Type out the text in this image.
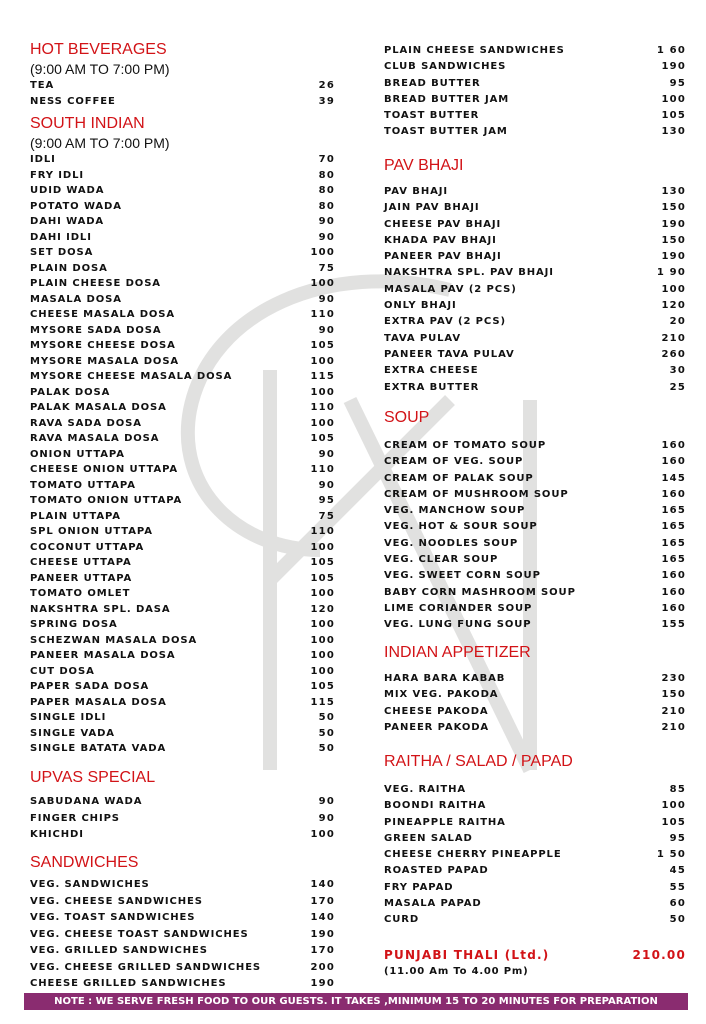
HOT BEVERAGES
(9:00 AM TO 7:00 PM)
TEA	26
NESS COFFEE	39
SOUTH INDIAN
(9:00 AM TO 7:00 PM)
IDLI	70
FRY IDLI	80
UDID WADA	80
POTATO WADA	80
DAHI WADA	90
DAHI IDLI	90
SET DOSA	100
PLAIN DOSA	75
PLAIN CHEESE DOSA	100
MASALA DOSA	90
CHEESE MASALA DOSA	110
MYSORE SADA DOSA	90
MYSORE CHEESE DOSA	105
MYSORE MASALA DOSA	100
MYSORE CHEESE MASALA DOSA	115
PALAK DOSA	100
PALAK MASALA DOSA	110
RAVA SADA DOSA	100
RAVA MASALA DOSA	105
ONION UTTAPA	90
CHEESE ONION UTTAPA	110
TOMATO UTTAPA	90
TOMATO ONION UTTAPA	95
PLAIN UTTAPA	75
SPL ONION UTTAPA	110
COCONUT UTTAPA	100
CHEESE UTTAPA	105
PANEER UTTAPA	105
TOMATO OMLET	100
NAKSHTRA SPL. DASA	120
SPRING DOSA	100
SCHEZWAN MASALA DOSA	100
PANEER MASALA DOSA	100
CUT DOSA	100
PAPER SADA DOSA	105
PAPER MASALA DOSA	115
SINGLE IDLI	50
SINGLE VADA	50
SINGLE BATATA VADA	50
UPVAS SPECIAL
SABUDANA WADA	90
FINGER CHIPS	90
KHICHDI	100
SANDWICHES
VEG. SANDWICHES	140
VEG. CHEESE SANDWICHES	170
VEG. TOAST SANDWICHES	140
VEG. CHEESE TOAST SANDWICHES	190
VEG. GRILLED SANDWICHES	170
VEG. CHEESE GRILLED SANDWICHES	200
CHEESE GRILLED SANDWICHES	190
PLAIN CHEESE SANDWICHES	1 60
CLUB SANDWICHES	190
BREAD BUTTER	95
BREAD BUTTER JAM	100
TOAST BUTTER	105
TOAST BUTTER JAM	130
PAV BHAJI
PAV BHAJI	130
JAIN PAV BHAJI	150
CHEESE PAV BHAJI	190
KHADA PAV BHAJI	150
PANEER PAV BHAJI	190
NAKSHTRA SPL. PAV BHAJI	1 90
MASALA PAV (2 PCS)	100
ONLY BHAJI	120
EXTRA PAV (2 PCS)	20
TAVA PULAV	210
PANEER TAVA PULAV	260
EXTRA CHEESE	30
EXTRA BUTTER	25
SOUP
CREAM OF TOMATO SOUP	160
CREAM OF VEG. SOUP	160
CREAM OF PALAK SOUP	145
CREAM OF MUSHROOM SOUP	160
VEG. MANCHOW SOUP	165
VEG. HOT & SOUR SOUP	165
VEG. NOODLES SOUP	165
VEG. CLEAR SOUP	165
VEG. SWEET CORN SOUP	160
BABY CORN MASHROOM SOUP	160
LIME CORIANDER SOUP	160
VEG. LUNG FUNG SOUP	155
INDIAN APPETIZER
HARA BARA KABAB	230
MIX VEG. PAKODA	150
CHEESE PAKODA	210
PANEER PAKODA	210
RAITHA / SALAD / PAPAD
VEG. RAITHA	85
BOONDI RAITHA	100
PINEAPPLE RAITHA	105
GREEN SALAD	95
CHEESE CHERRY PINEAPPLE	1 50
ROASTED PAPAD	45
FRY PAPAD	55
MASALA PAPAD	60
CURD	50
PUNJABI THALI (Ltd.)	210.00
(11.00 Am To 4.00 Pm)
NOTE : WE SERVE FRESH FOOD TO OUR GUESTS. IT TAKES ,MINIMUM 15 TO 20 MINUTES FOR PREPARATION
